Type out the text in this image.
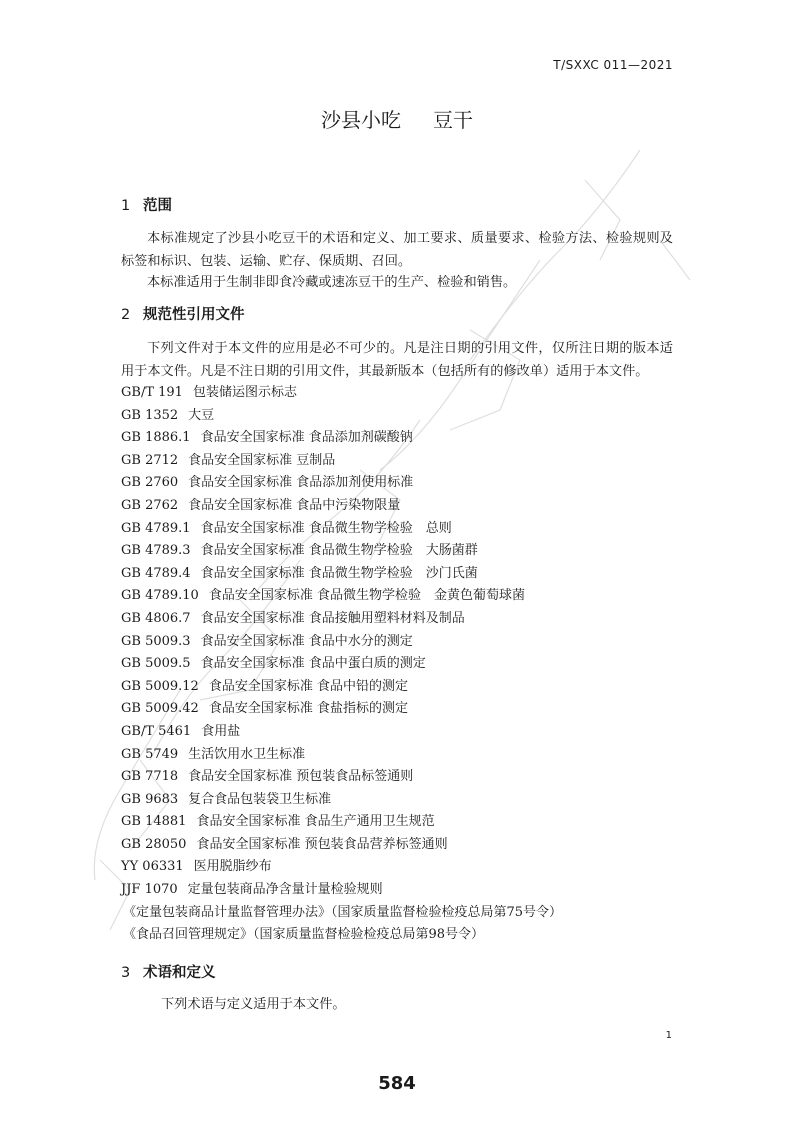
T/SXXC 011—2021
沙县小吃 豆干
1 范围
本标准规定了沙县小吃豆干的术语和定义、加工要求、质量要求、检验方法、检验规则及标签和标识、包装、运输、贮存、保质期、召回。
本标准适用于生制非即食冷藏或速冻豆干的生产、检验和销售。
2 规范性引用文件
下列文件对于本文件的应用是必不可少的。凡是注日期的引用文件，仅所注日期的版本适用于本文件。凡是不注日期的引用文件，其最新版本（包括所有的修改单）适用于本文件。
GB/T 191 包装储运图示标志
GB 1352 大豆
GB 1886.1 食品安全国家标准 食品添加剂碳酸钠
GB 2712 食品安全国家标准 豆制品
GB 2760 食品安全国家标准 食品添加剂使用标准
GB 2762 食品安全国家标准 食品中污染物限量
GB 4789.1 食品安全国家标准 食品微生物学检验　总则
GB 4789.3 食品安全国家标准 食品微生物学检验　大肠菌群
GB 4789.4 食品安全国家标准 食品微生物学检验　沙门氏菌
GB 4789.10 食品安全国家标准 食品微生物学检验　金黄色葡萄球菌
GB 4806.7 食品安全国家标准 食品接触用塑料材料及制品
GB 5009.3 食品安全国家标准 食品中水分的测定
GB 5009.5 食品安全国家标准 食品中蛋白质的测定
GB 5009.12 食品安全国家标准 食品中铅的测定
GB 5009.42 食品安全国家标准 食盐指标的测定
GB/T 5461 食用盐
GB 5749 生活饮用水卫生标准
GB 7718 食品安全国家标准 预包装食品标签通则
GB 9683 复合食品包装袋卫生标准
GB 14881 食品安全国家标准 食品生产通用卫生规范
GB 28050 食品安全国家标准 预包装食品营养标签通则
YY 06331 医用脱脂纱布
JJF 1070 定量包装商品净含量计量检验规则
《定量包装商品计量监督管理办法》（国家质量监督检验检疫总局第75号令）
《食品召回管理规定》（国家质量监督检验检疫总局第98号令）
3 术语和定义
下列术语与定义适用于本文件。
1
584
